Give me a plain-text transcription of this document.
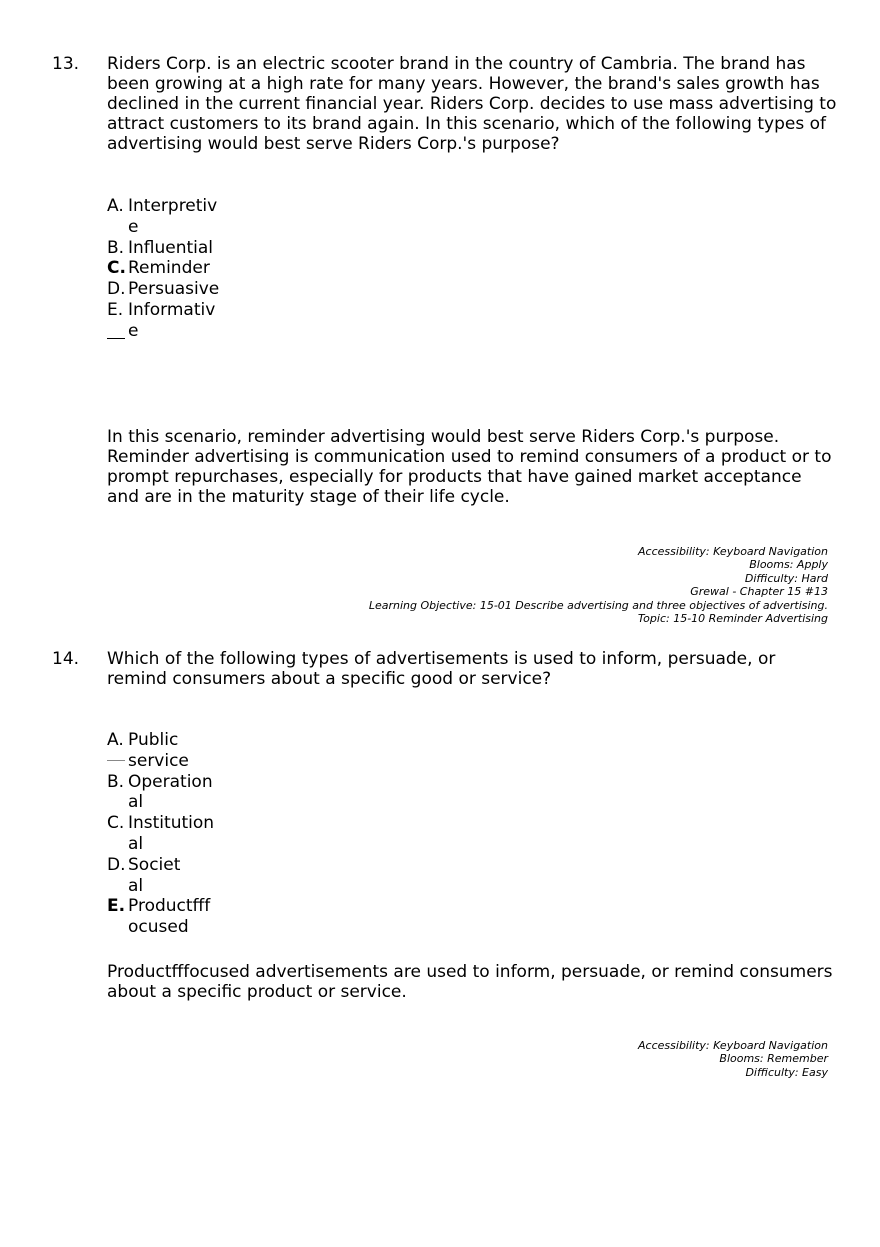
13. Riders Corp. is an electric scooter brand in the country of Cambria. The brand has been growing at a high rate for many years. However, the brand's sales growth has declined in the current financial year. Riders Corp. decides to use mass advertising to attract customers to its brand again. In this scenario, which of the following types of advertising would best serve Riders Corp.'s purpose?
A. Interpretive
B. Influential
C. Reminder
D. Persuasive
E. Informative
In this scenario, reminder advertising would best serve Riders Corp.'s purpose. Reminder advertising is communication used to remind consumers of a product or to prompt repurchases, especially for products that have gained market acceptance and are in the maturity stage of their life cycle.
Accessibility: Keyboard Navigation
Blooms: Apply
Difficulty: Hard
Grewal - Chapter 15 #13
Learning Objective: 15-01 Describe advertising and three objectives of advertising.
Topic: 15-10 Reminder Advertising
14. Which of the following types of advertisements is used to inform, persuade, or remind consumers about a specific good or service?
A. Public service
B. Operational
C. Institutional
D. Societal
E. Productfffocused
Productfffocused advertisements are used to inform, persuade, or remind consumers about a specific product or service.
Accessibility: Keyboard Navigation
Blooms: Remember
Difficulty: Easy
